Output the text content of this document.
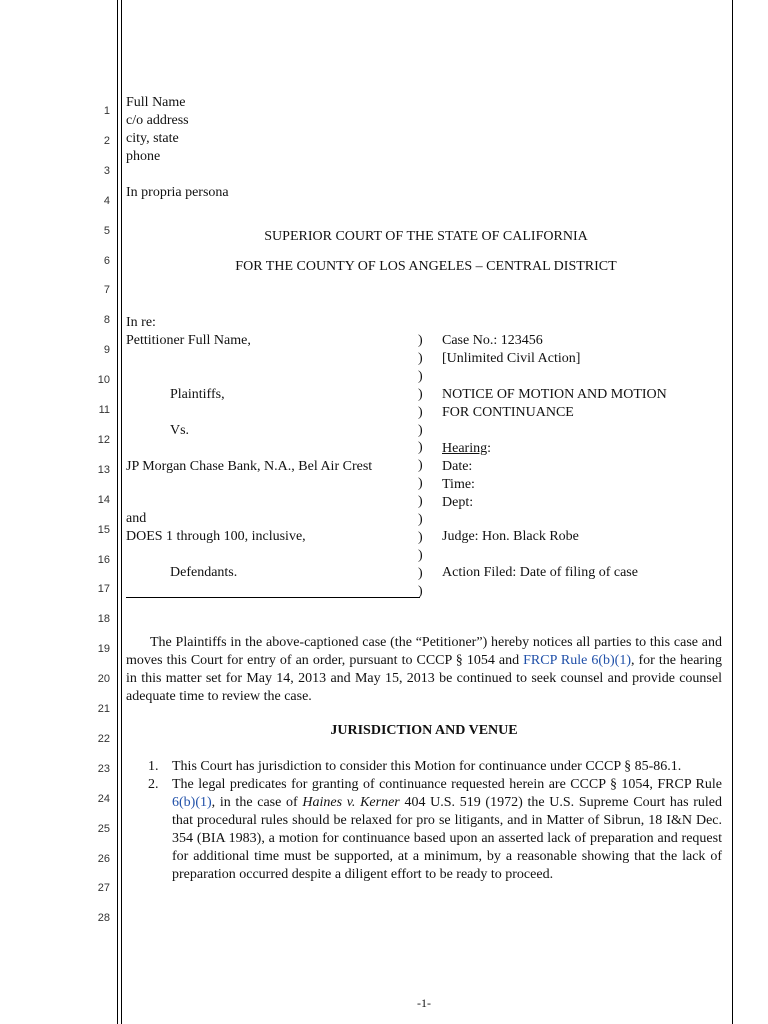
1
2
3
4
5
6
7
8
9
10
11
12
13
14
15
16
17
18
19
20
21
22
23
24
25
26
27
28
Full Name
c/o address
city, state
phone
In propria persona
SUPERIOR COURT OF THE STATE OF CALIFORNIA
FOR THE COUNTY OF LOS ANGELES – CENTRAL DISTRICT
In re:
Pettitioner Full Name,
Plaintiffs,
Vs.
JP Morgan Chase Bank, N.A., Bel Air Crest
and
DOES 1 through 100, inclusive,
Defendants.
)
)
)
)
)
)
)
)
)
)
)
)
)
)
)
Case No.: 123456
[Unlimited Civil Action]
NOTICE OF MOTION AND MOTION
FOR CONTINUANCE
Hearing:
Date:
Time:
Dept:
Judge: Hon. Black Robe
Action Filed: Date of filing of case
The Plaintiffs in the above-captioned case (the “Petitioner”) hereby notices all parties to this case and moves this Court for entry of an order, pursuant to CCCP § 1054 and FRCP Rule 6(b)(1), for the hearing in this matter set for May 14, 2013 and May 15, 2013 be continued to seek counsel and provide counsel adequate time to review the case.
JURISDICTION AND VENUE
1. This Court has jurisdiction to consider this Motion for continuance under CCCP § 85-86.1.
2. The legal predicates for granting of continuance requested herein are CCCP § 1054, FRCP Rule 6(b)(1), in the case of Haines v. Kerner 404 U.S. 519 (1972) the U.S. Supreme Court has ruled that procedural rules should be relaxed for pro se litigants, and in Matter of Sibrun, 18 I&N Dec. 354 (BIA 1983), a motion for continuance based upon an asserted lack of preparation and request for additional time must be supported, at a minimum, by a reasonable showing that the lack of preparation occurred despite a diligent effort to be ready to proceed.
-1-
